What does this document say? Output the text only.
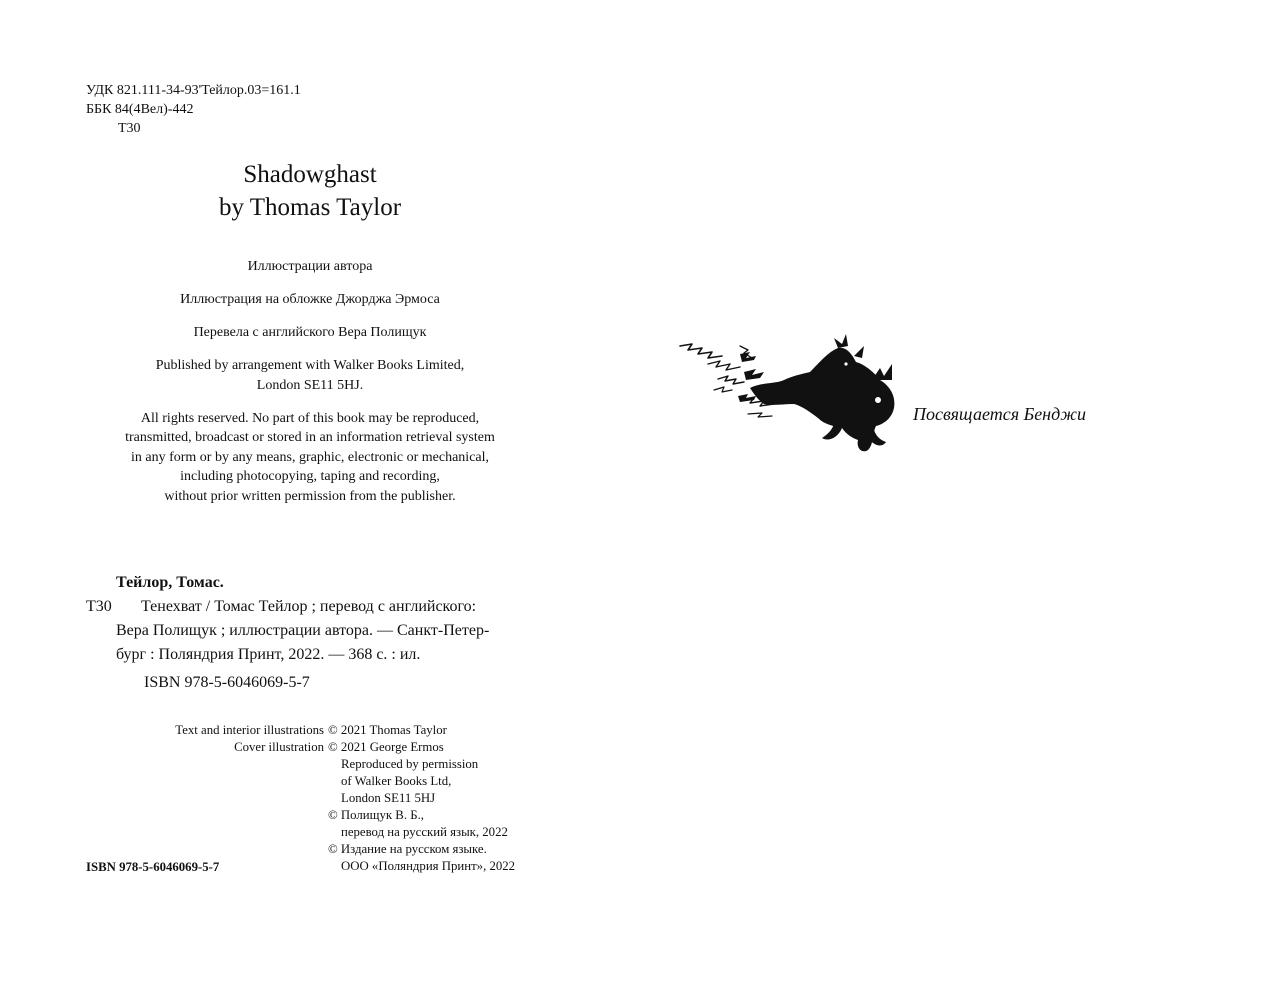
УДК 821.111-34-93'Тейлор.03=161.1
ББК 84(4Вел)-442
Т30
Shadowghast
by Thomas Taylor

Иллюстрации автора

Иллюстрация на обложке Джорджа Эрмоса

Перевела с английского Вера Полищук

Published by arrangement with Walker Books Limited,
London SE11 5HJ.

All rights reserved. No part of this book may be reproduced,
transmitted, broadcast or stored in an information retrieval system
in any form or by any means, graphic, electronic or mechanical,
including photocopying, taping and recording,
without prior written permission from the publisher.

Тейлор, Томас.
Т30	Тенехват / Томас Тейлор ; перевод с английского:
Вера Полищук ; иллюстрации автора. — Санкт-Петер-
бург : Поляндрия Принт, 2022. — 368 с. : ил.

ISBN 978-5-6046069-5-7
Text and interior illustrations © 2021 Thomas Taylor
Cover illustration © 2021 George Ermos
Reproduced by permission
of Walker Books Ltd,
London SE11 5HJ
© Полищук В. Б.,
перевод на русский язык, 2022
© Издание на русском языке.
ООО «Поляндрия Принт», 2022
ISBN 978-5-6046069-5-7
Посвящается Бенджи
